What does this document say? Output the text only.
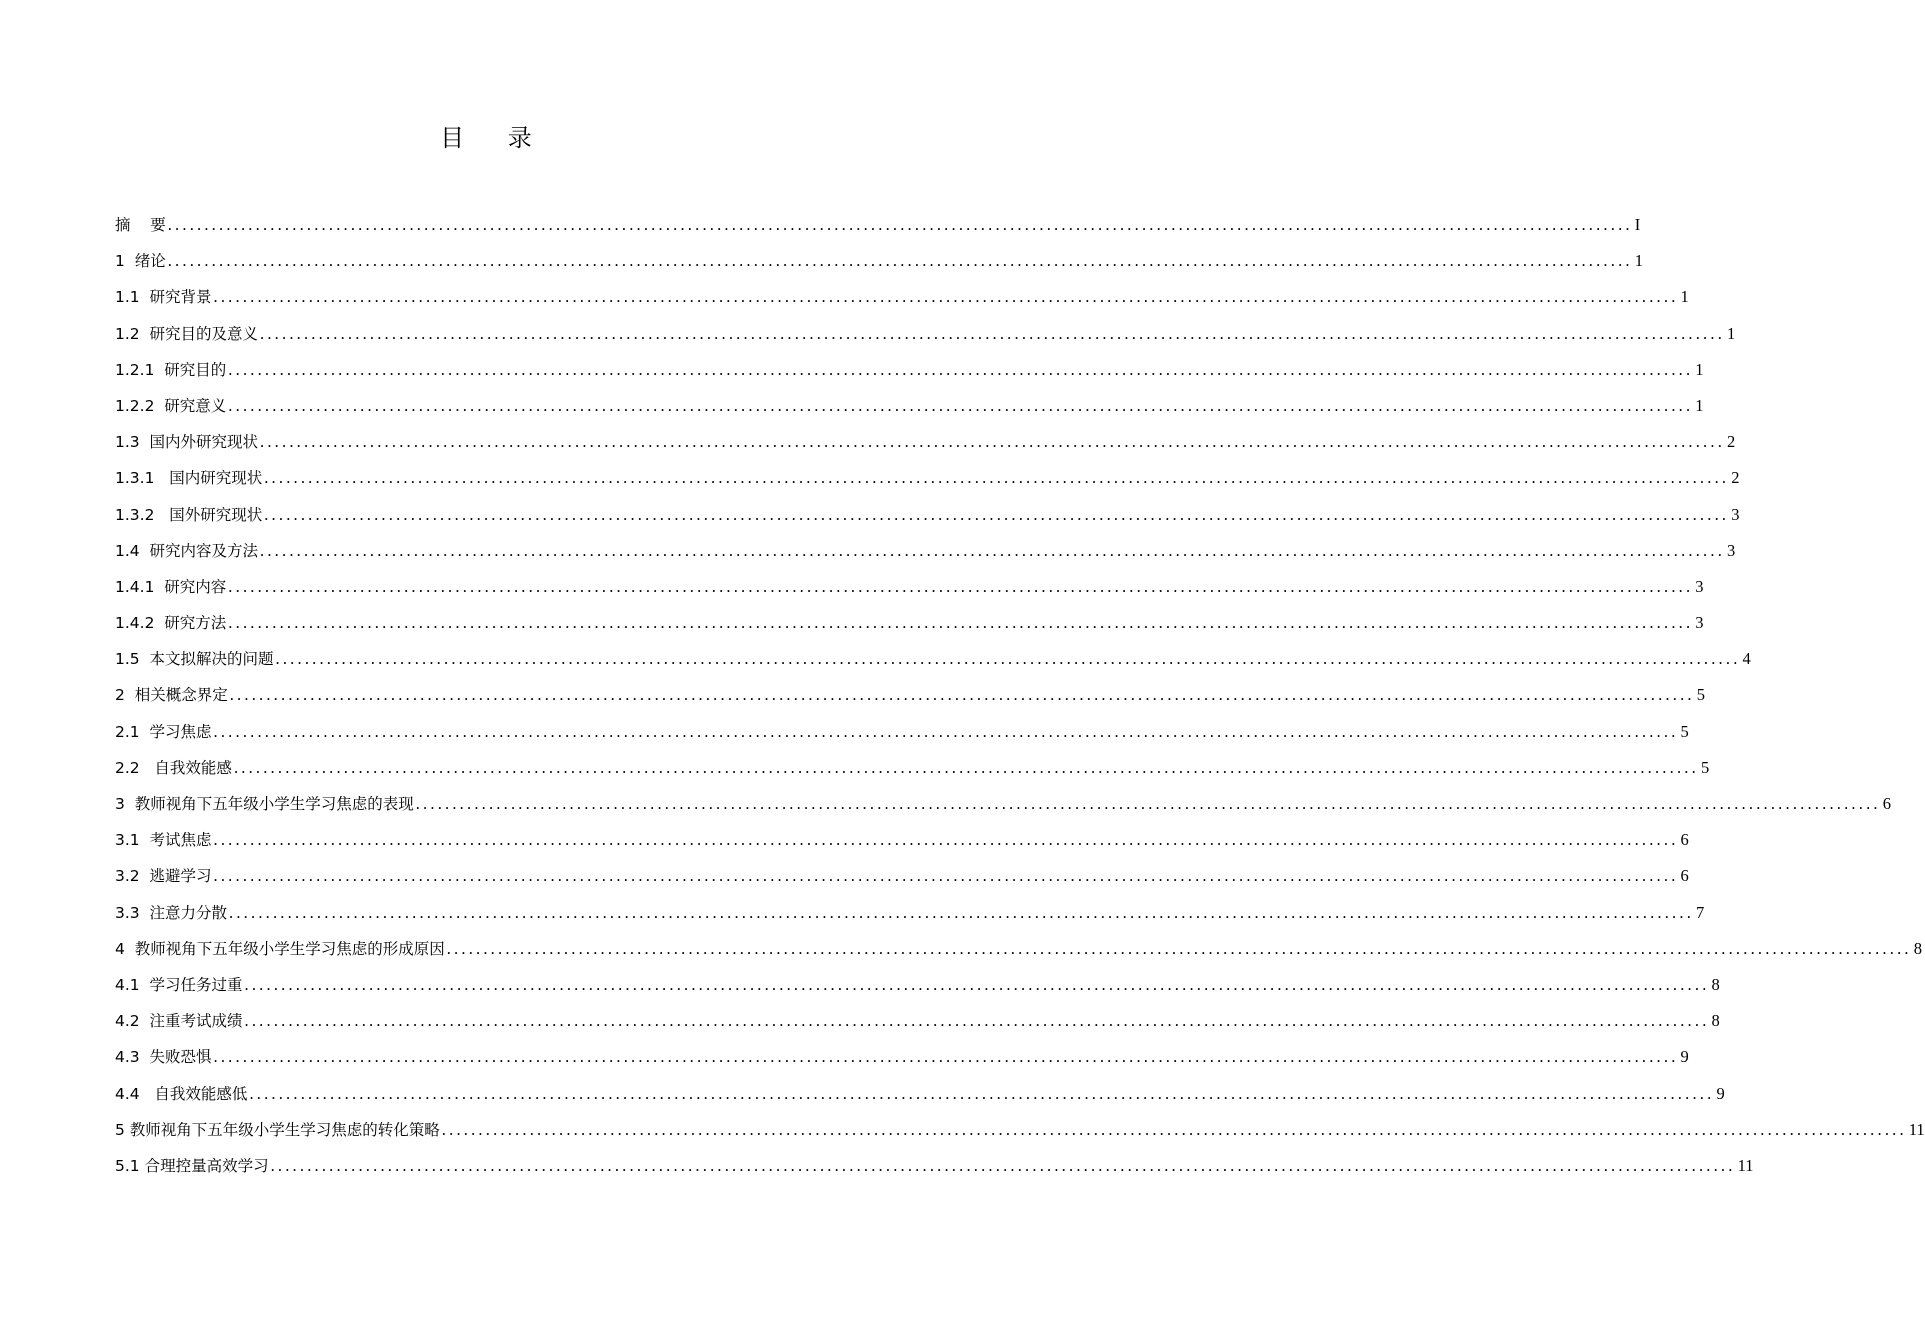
目 录
摘    要 ........................................................................................................................................................................................................ I
1  绪论 ........................................................................................................................................................................................................ 1
1.1  研究背景 ........................................................................................................................................................................................................ 1
1.2  研究目的及意义 ........................................................................................................................................................................................................ 1
1.2.1  研究目的 ........................................................................................................................................................................................................ 1
1.2.2  研究意义 ........................................................................................................................................................................................................ 1
1.3  国内外研究现状 ........................................................................................................................................................................................................ 2
1.3.1   国内研究现状 ........................................................................................................................................................................................................ 2
1.3.2   国外研究现状 ........................................................................................................................................................................................................ 3
1.4  研究内容及方法 ........................................................................................................................................................................................................ 3
1.4.1  研究内容 ........................................................................................................................................................................................................ 3
1.4.2  研究方法 ........................................................................................................................................................................................................ 3
1.5  本文拟解决的问题 ........................................................................................................................................................................................................ 4
2  相关概念界定 ........................................................................................................................................................................................................ 5
2.1  学习焦虑 ........................................................................................................................................................................................................ 5
2.2   自我效能感 ........................................................................................................................................................................................................ 5
3  教师视角下五年级小学生学习焦虑的表现 ........................................................................................................................................................................................................ 6
3.1  考试焦虑 ........................................................................................................................................................................................................ 6
3.2  逃避学习 ........................................................................................................................................................................................................ 6
3.3  注意力分散 ........................................................................................................................................................................................................ 7
4  教师视角下五年级小学生学习焦虑的形成原因 ........................................................................................................................................................................................................ 8
4.1  学习任务过重 ........................................................................................................................................................................................................ 8
4.2  注重考试成绩 ........................................................................................................................................................................................................ 8
4.3  失败恐惧 ........................................................................................................................................................................................................ 9
4.4   自我效能感低 ........................................................................................................................................................................................................ 9
5 教师视角下五年级小学生学习焦虑的转化策略 ........................................................................................................................................................................................................ 11
5.1 合理控量高效学习 ........................................................................................................................................................................................................ 11
